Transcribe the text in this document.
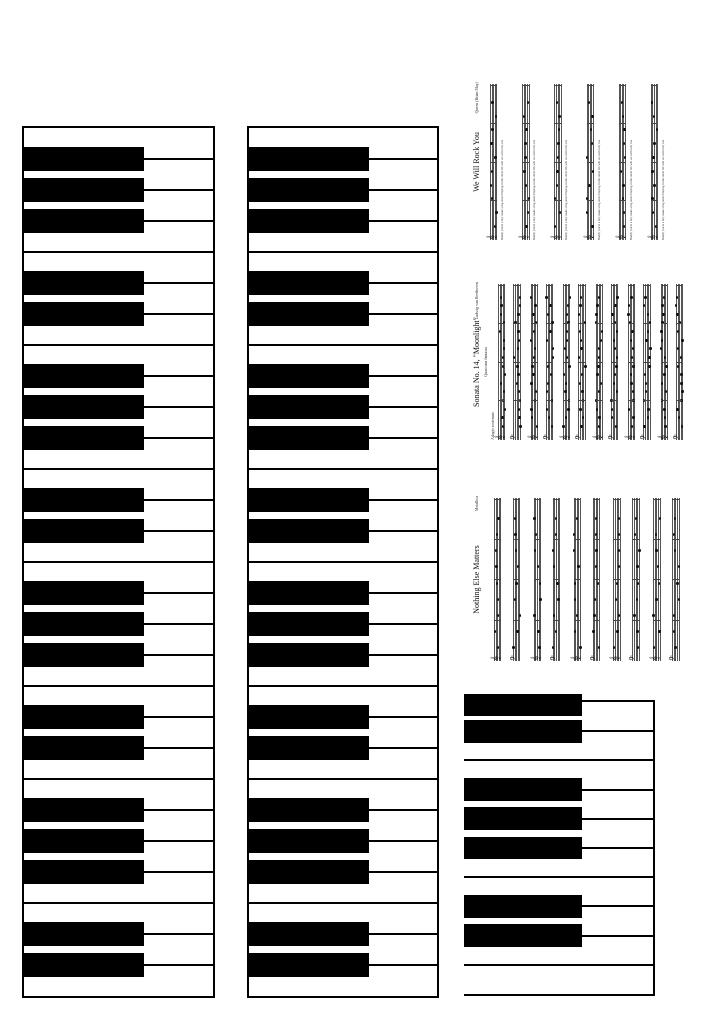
We Will Rock You
Queen (Brian May)
𝄞 Buddy you're a boy make a big noise Playing in the street We will we will rock you 𝄞 Buddy you're a boy make a big noise Playing in the street We will we will rock you 𝄞 Buddy you're a boy make a big noise Playing in the street We will we will rock you 𝄞 Buddy you're a boy make a big noise Playing in the street We will we will rock you 𝄞 Buddy you're a boy make a big noise Playing in the street We will we will rock you 𝄞 Buddy you're a boy make a big noise Playing in the street We will we will rock you
Sonata No. 14, "Moonlight" Quasi una fantasia
Ludwig van Beethoven
Adagio sostenuto 𝄞 𝄢 𝄞 𝄢 𝄞 𝄢 𝄞 𝄢 𝄞 𝄢 𝄞 𝄢
Nothing Else Matters
Metallica
𝄞 𝄢 𝄞 𝄢 𝄞 𝄢 𝄞 𝄢 𝄞 𝄢
